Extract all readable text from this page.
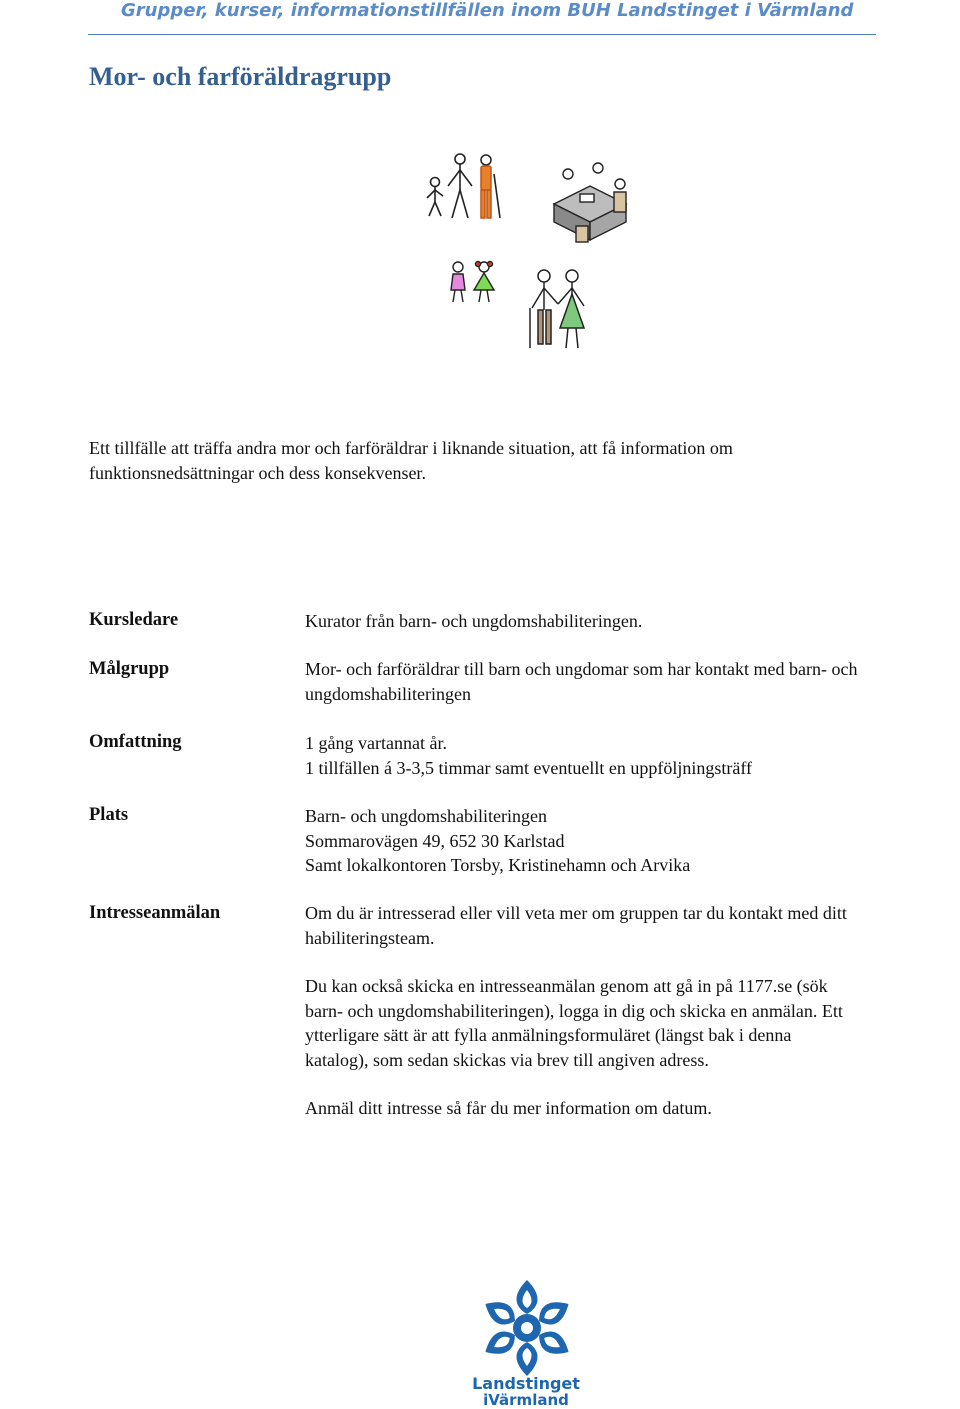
Grupper, kurser, informationstillfällen inom BUH Landstinget i Värmland
Mor- och farföräldragrupp
Ett tillfälle att träffa andra mor och farföräldrar i liknande situation, att få information om
funktionsnedsättningar och dess konsekvenser.
Kursledare	Kurator från barn- och ungdomshabiliteringen.

Målgrupp	Mor- och farföräldrar till barn och ungdomar som har kontakt med barn- och

ungdomshabiliteringen

Omfattning	1 gång vartannat år.

1 tillfällen á 3-3,5 timmar samt eventuellt en uppföljningsträff

Plats	Barn- och ungdomshabiliteringen

Sommarovägen 49, 652 30 Karlstad

Samt lokalkontoren Torsby, Kristinehamn och Arvika

Intresseanmälan	Om du är intresserad eller vill veta mer om gruppen tar du kontakt med ditt

habiliteringsteam.

Du kan också skicka en intresseanmälan genom att gå in på 1177.se (sök

barn- och ungdomshabiliteringen), logga in dig och skicka en anmälan. Ett

ytterligare sätt är att fylla anmälningsformuläret (längst bak i denna

katalog), som sedan skickas via brev till angiven adress.

Anmäl ditt intresse så får du mer information om datum.

Landstinget
iVärmland
